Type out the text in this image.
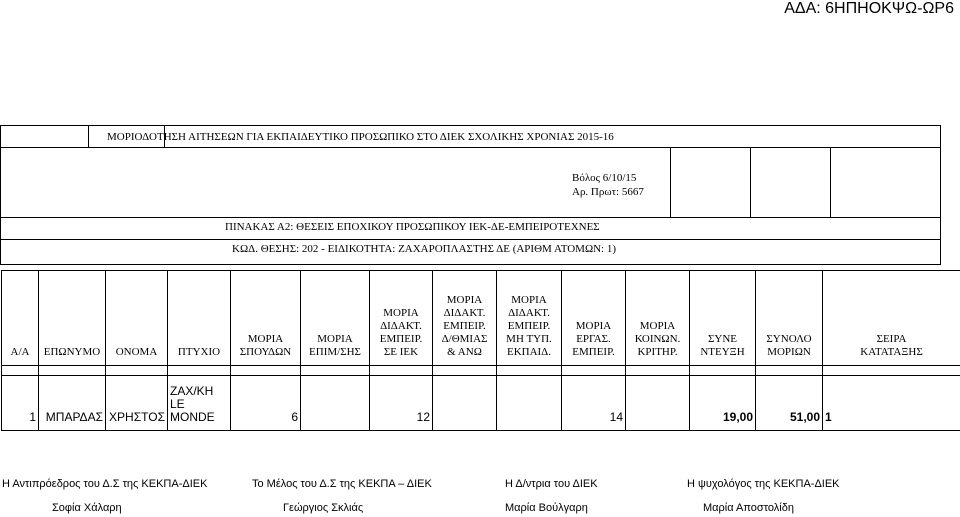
ΑΔΑ: 6ΗΠΗΟΚΨΩ-ΩΡ6
ΜΟΡΙΟΔΟΤΗΣΗ ΑΙΤΗΣΕΩΝ ΓΙΑ ΕΚΠΑΙΔΕΥΤΙΚΟ ΠΡΟΣΩΠΙΚΟ ΣΤΟ ΔΙΕΚ ΣΧΟΛΙΚΗΣ ΧΡΟΝΙΑΣ 2015-16
Βόλος 6/10/15
Αρ. Πρωτ: 5667
ΠΙΝΑΚΑΣ Α2: ΘΕΣΕΙΣ ΕΠΟΧΙΚΟΥ ΠΡΟΣΩΠΙΚΟΥ ΙΕΚ-ΔΕ-ΕΜΠΕΙΡΟΤΕΧΝΕΣ
ΚΩΔ. ΘΕΣΗΣ: 202 - ΕΙΔΙΚΟΤΗΤΑ: ΖΑΧΑΡΟΠΛΑΣΤΗΣ ΔΕ (ΑΡΙΘΜ ΑΤΟΜΩΝ: 1)
Α/Α	ΕΠΩΝΥΜΟ	ΟΝΟΜΑ	ΠΤΥΧΙΟ	ΜΟΡΙΑ
ΣΠΟΥΔΩΝ	ΜΟΡΙΑ
ΕΠΙΜ/ΣΗΣ	ΜΟΡΙΑ
ΔΙΔΑΚΤ.
ΕΜΠΕΙΡ.
ΣΕ ΙΕΚ	ΜΟΡΙΑ
ΔΙΔΑΚΤ.
ΕΜΠΕΙΡ.
Δ/ΘΜΙΑΣ
& ΑΝΩ	ΜΟΡΙΑ
ΔΙΔΑΚΤ.
ΕΜΠΕΙΡ.
ΜΗ ΤΥΠ.
ΕΚΠΑΙΔ.	ΜΟΡΙΑ
ΕΡΓΑΣ.
ΕΜΠΕΙΡ.	ΜΟΡΙΑ
ΚΟΙΝΩΝ.
ΚΡΙΤΗΡ.	ΣΥΝΕ
ΝΤΕΥΞΗ	ΣΥΝΟΛΟ
ΜΟΡΙΩΝ	ΣΕΙΡΑ
ΚΑΤΑΤΑΞΗΣ

1	ΜΠΑΡΔΑΣ	ΧΡΗΣΤΟΣ	ΖΑΧ/ΚΗ
LE
MONDE	6		12			14		19,00	51,00	1
Η Αντιπρόεδρος του Δ.Σ της ΚΕΚΠΑ-ΔΙΕΚ	Το Μέλος του Δ.Σ της ΚΕΚΠΑ – ΔΙΕΚ	Η Δ/ντρια του ΔΙΕΚ	Η ψυχολόγος της ΚΕΚΠΑ-ΔΙΕΚ
Σοφία Χάλαρη	Γεώργιος Σκλιάς	Μαρία Βούλγαρη	Μαρία Αποστολίδη
